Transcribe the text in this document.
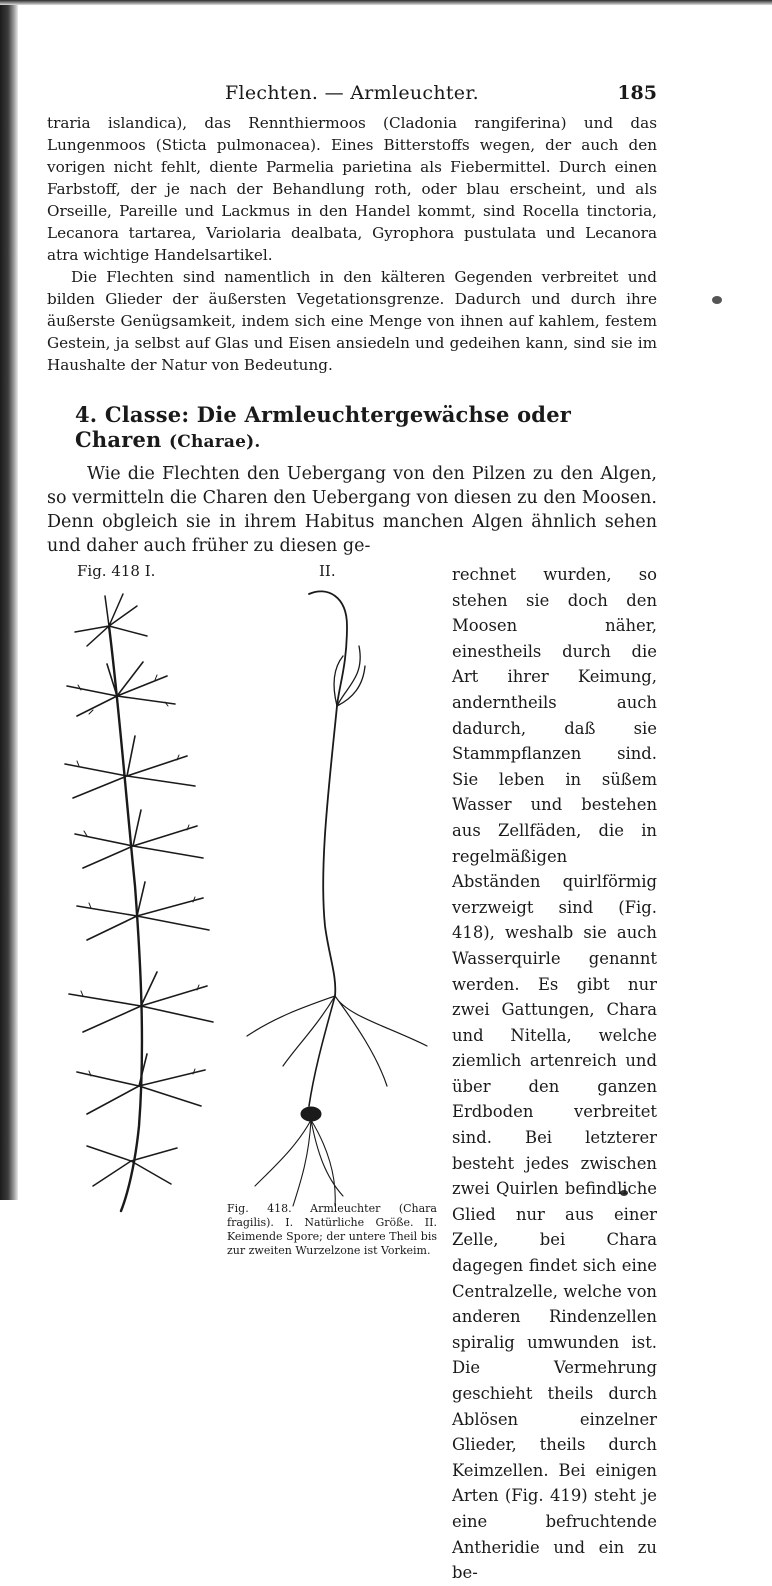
Flechten. — Armleuchter.	185

traria islandica), das Rennthiermoos (Cladonia rangiferina) und das Lungenmoos (Sticta pulmonacea). Eines Bitterstoffs wegen, der auch den vorigen nicht fehlt, diente Parmelia parietina als Fiebermittel. Durch einen Farbstoff, der je nach der Behandlung roth, oder blau erscheint, und als Orseille, Pareille und Lackmus in den Handel kommt, sind Rocella tinctoria, Lecanora tartarea, Variolaria dealbata, Gyrophora pustulata und Lecanora atra wichtige Handelsartikel.

Die Flechten sind namentlich in den kälteren Gegenden verbreitet und bilden Glieder der äußersten Vegetationsgrenze. Dadurch und durch ihre äußerste Genügsamkeit, indem sich eine Menge von ihnen auf kahlem, festem Gestein, ja selbst auf Glas und Eisen ansiedeln und gedeihen kann, sind sie im Haushalte der Natur von Bedeutung.

4. Classe: Die Armleuchtergewächse oder Charen (Charae).

Wie die Flechten den Uebergang von den Pilzen zu den Algen, so vermitteln die Charen den Uebergang von diesen zu den Moosen. Denn obgleich sie in ihrem Habitus manchen Algen ähnlich sehen und daher auch früher zu diesen ge-

Fig. 418 I.	II.
Fig. 418. Armleuchter (Chara fragilis). I. Natürliche Größe. II. Keimende Spore; der untere Theil bis zur zweiten Wurzelzone ist Vorkeim.
rechnet wurden, so stehen sie doch den Moosen näher, einestheils durch die Art ihrer Keimung, anderntheils auch dadurch, daß sie Stammpflanzen sind. Sie leben in süßem Wasser und bestehen aus Zellfäden, die in regelmäßigen Abständen quirlförmig verzweigt sind (Fig. 418), weshalb sie auch Wasserquirle genannt werden. Es gibt nur zwei Gattungen, Chara und Nitella, welche ziemlich artenreich und über den ganzen Erdboden verbreitet sind. Bei letzterer besteht jedes zwischen zwei Quirlen befindliche Glied nur aus einer Zelle, bei Chara dagegen findet sich eine Centralzelle, welche von anderen Rindenzellen spiralig umwunden ist. Die Vermehrung geschieht theils durch Ablösen einzelner Glieder, theils durch Keimzellen. Bei einigen Arten (Fig. 419) steht je eine befruchtende Antheridie und ein zu be-
